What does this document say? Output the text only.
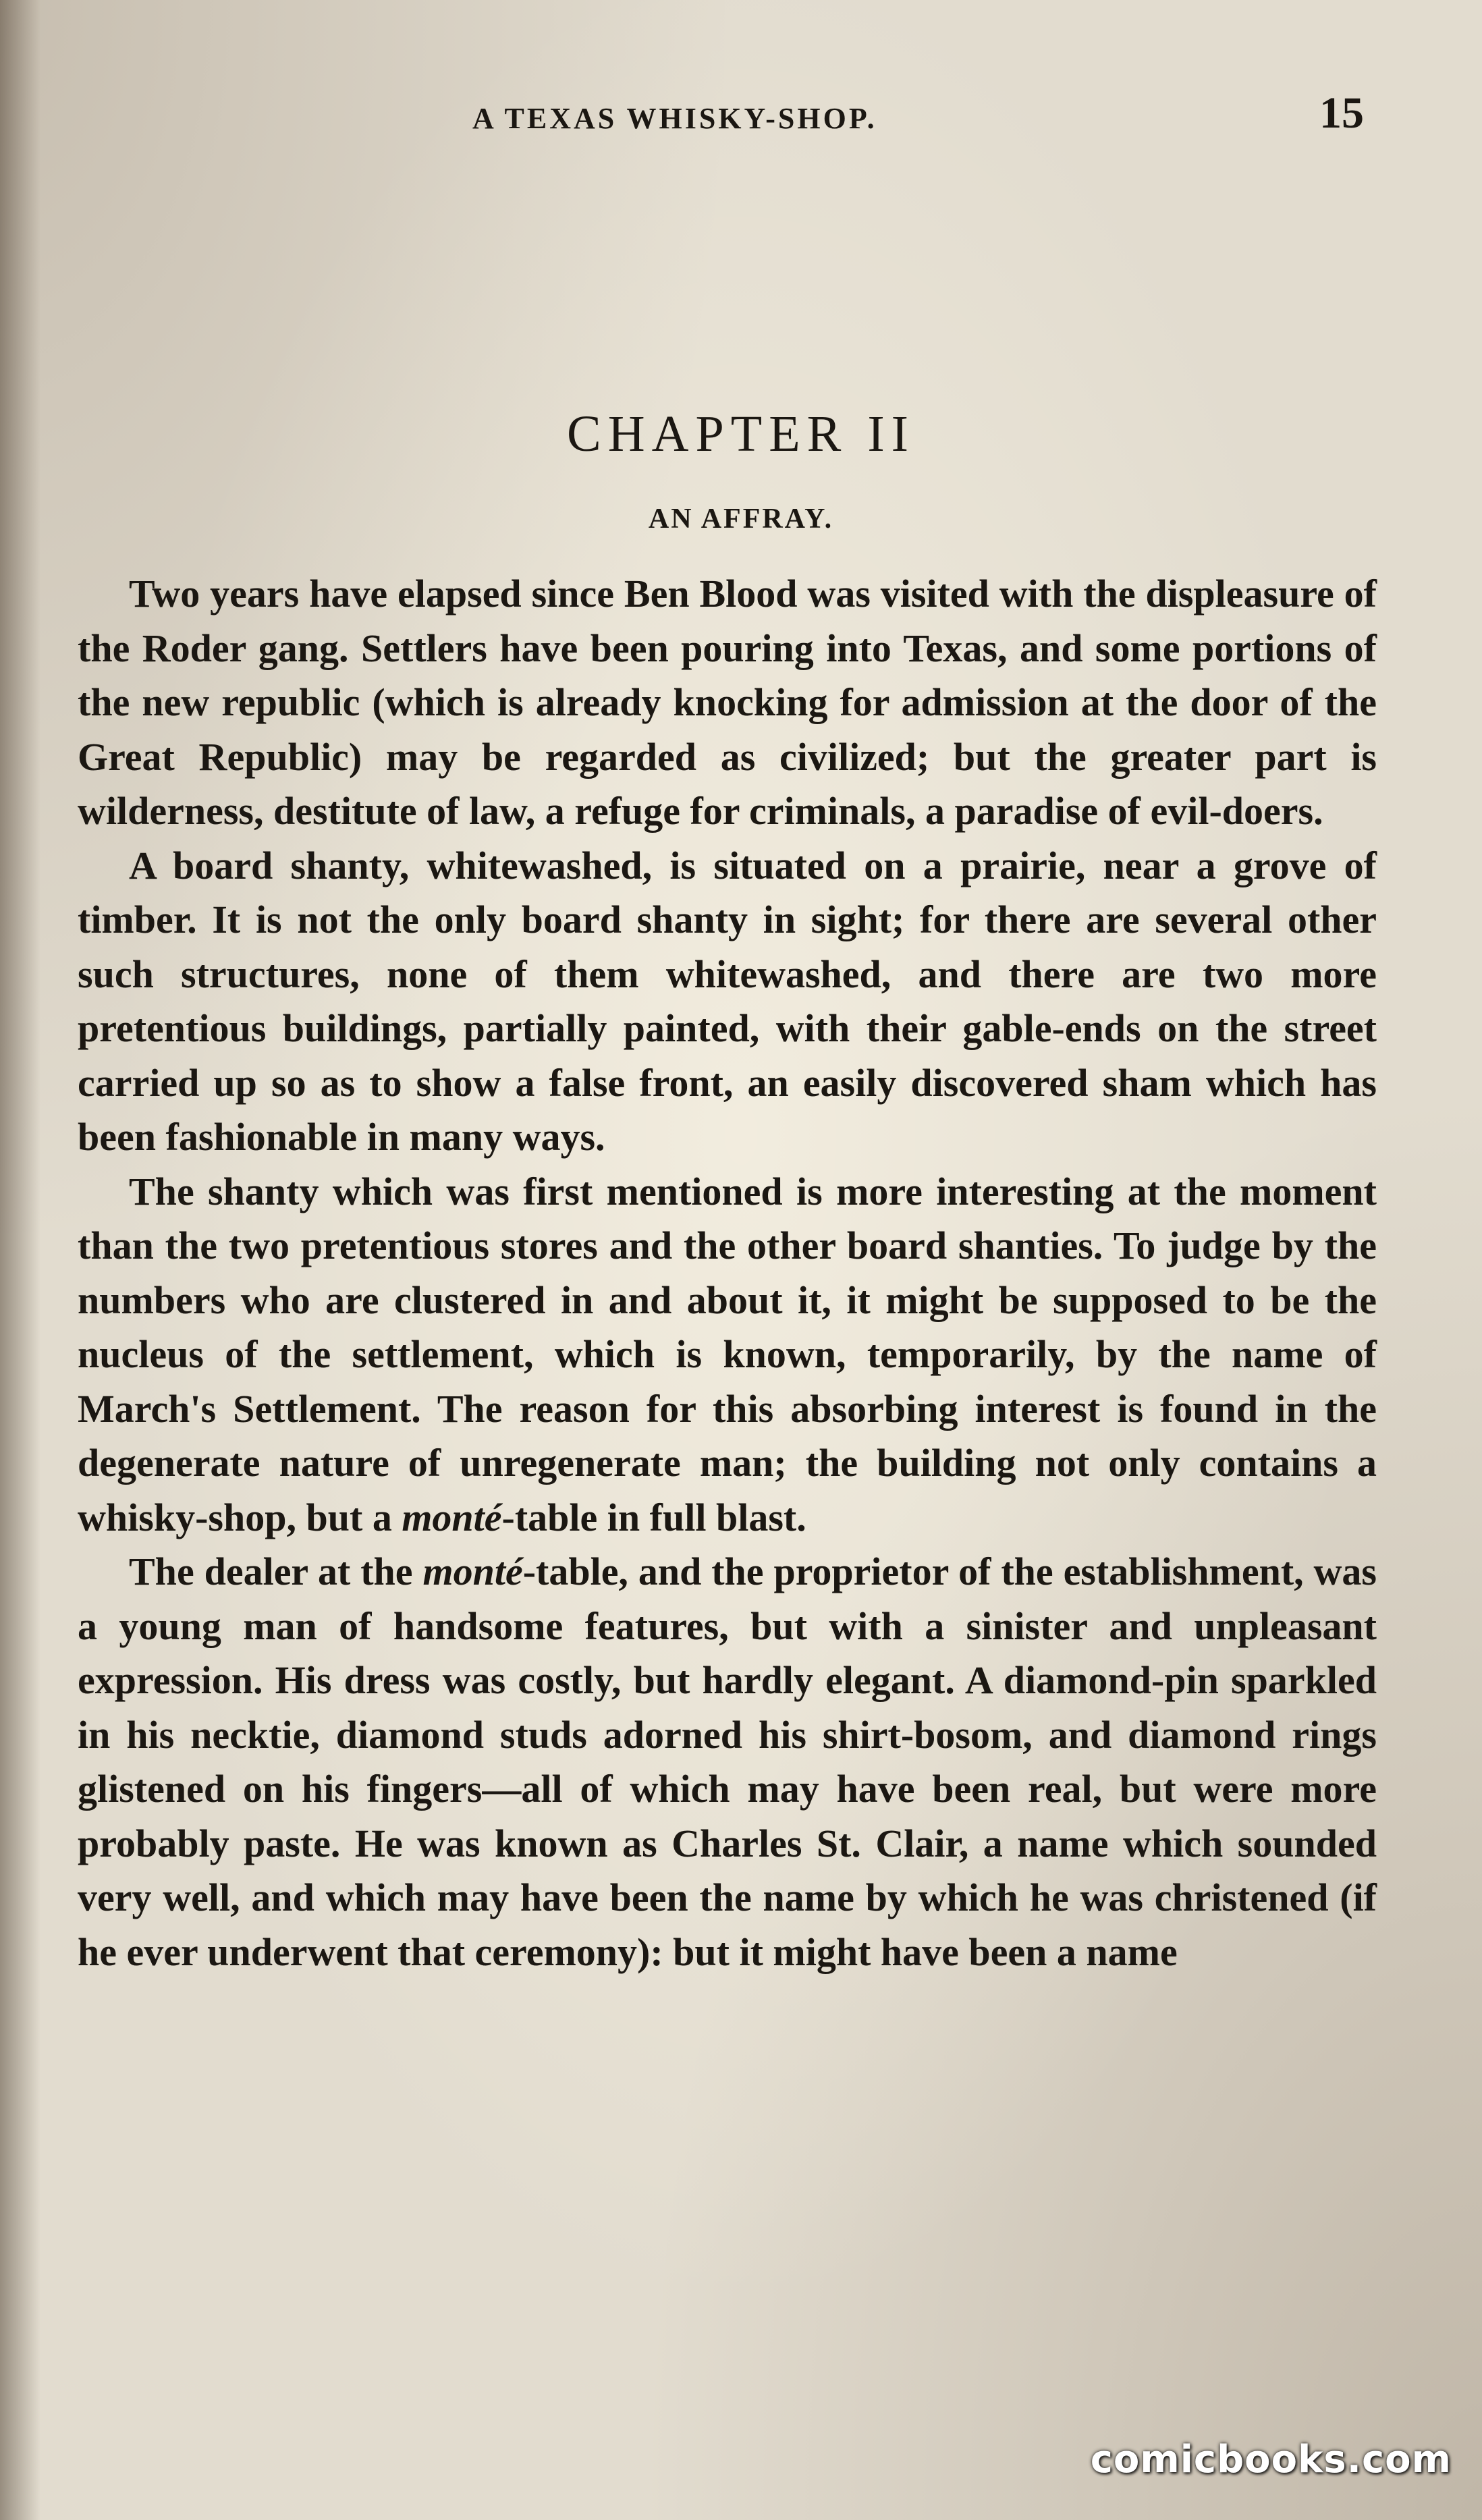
A TEXAS WHISKY-SHOP.	15
CHAPTER II
AN AFFRAY.

Two years have elapsed since Ben Blood was visited with the displeasure of the Roder gang. Settlers have been pouring into Texas, and some portions of the new republic (which is already knocking for admission at the door of the Great Republic) may be regarded as civilized; but the greater part is wilderness, destitute of law, a refuge for criminals, a paradise of evil-doers.

A board shanty, whitewashed, is situated on a prairie, near a grove of timber. It is not the only board shanty in sight; for there are several other such structures, none of them whitewashed, and there are two more pretentious buildings, partially painted, with their gable-ends on the street carried up so as to show a false front, an easily discovered sham which has been fashionable in many ways.

The shanty which was first mentioned is more interesting at the moment than the two pretentious stores and the other board shanties. To judge by the numbers who are clustered in and about it, it might be supposed to be the nucleus of the settlement, which is known, temporarily, by the name of March's Settlement. The reason for this absorbing interest is found in the degenerate nature of unregenerate man; the building not only contains a whisky-shop, but a monté-table in full blast.

The dealer at the monté-table, and the proprietor of the establishment, was a young man of handsome features, but with a sinister and unpleasant expression. His dress was costly, but hardly elegant. A diamond-pin sparkled in his necktie, diamond studs adorned his shirt-bosom, and diamond rings glistened on his fingers—all of which may have been real, but were more probably paste. He was known as Charles St. Clair, a name which sounded very well, and which may have been the name by which he was christened (if he ever underwent that ceremony): but it might have been a name

comicbooks.com
